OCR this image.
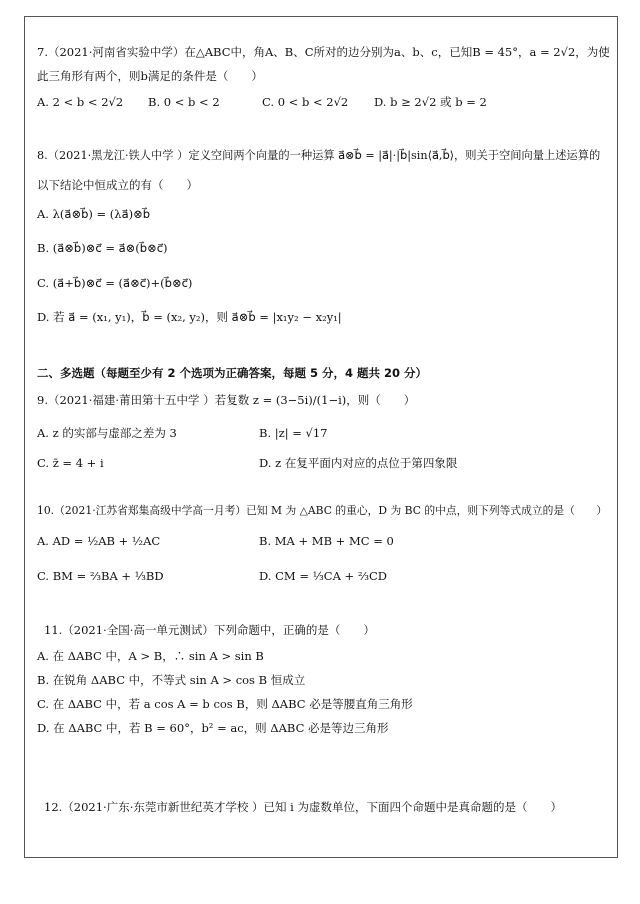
7.（2021·河南省实验中学）在△ABC中，角A、B、C所对的边分别为a、b、c，已知B = 45°，a = 2√2，为使
此三角形有两个，则b满足的条件是（　　）
A. 2 < b < 2√2 B. 0 < b < 2	C. 0 < b < 2√2 D. b ≥ 2√2 或 b = 2
8.（2021·黑龙江·铁人中学 ）定义空间两个向量的一种运算 a⃗⊗b⃗ = |a⃗|·|b⃗|sin⟨a⃗,b⃗⟩，则关于空间向量上述运算的
以下结论中恒成立的有（　　）
A. λ(a⃗⊗b⃗) = (λa⃗)⊗b⃗
B. (a⃗⊗b⃗)⊗c⃗ = a⃗⊗(b⃗⊗c⃗)
C. (a⃗+b⃗)⊗c⃗ = (a⃗⊗c⃗)+(b⃗⊗c⃗)
D. 若 a⃗ = (x₁, y₁)，b⃗ = (x₂, y₂)，则 a⃗⊗b⃗ = |x₁y₂ − x₂y₁|
二、多选题（每题至少有 2 个选项为正确答案，每题 5 分，4 题共 20 分）
9.（2021·福建·莆田第十五中学 ）若复数 z = (3−5i)/(1−i)，则（　　）
A. z 的实部与虚部之差为 3	B. |z| = √17
C. z̄ = 4 + i	D. z 在复平面内对应的点位于第四象限
10.（2021·江苏省郑集高级中学高一月考）已知 M 为 △ABC 的重心，D 为 BC 的中点，则下列等式成立的是（　　）
A. AD = ½AB + ½AC	B. MA + MB + MC = 0
C. BM = ⅔BA + ⅓BD	D. CM = ⅓CA + ⅔CD
11.（2021·全国·高一单元测试）下列命题中，正确的是（　　）
A. 在 ΔABC 中，A > B，∴ sin A > sin B
B. 在锐角 ΔABC 中，不等式 sin A > cos B 恒成立
C. 在 ΔABC 中，若 a cos A = b cos B，则 ΔABC 必是等腰直角三角形
D. 在 ΔABC 中，若 B = 60°，b² = ac，则 ΔABC 必是等边三角形
12.（2021·广东·东莞市新世纪英才学校 ）已知 i 为虚数单位，下面四个命题中是真命题的是（　　）
